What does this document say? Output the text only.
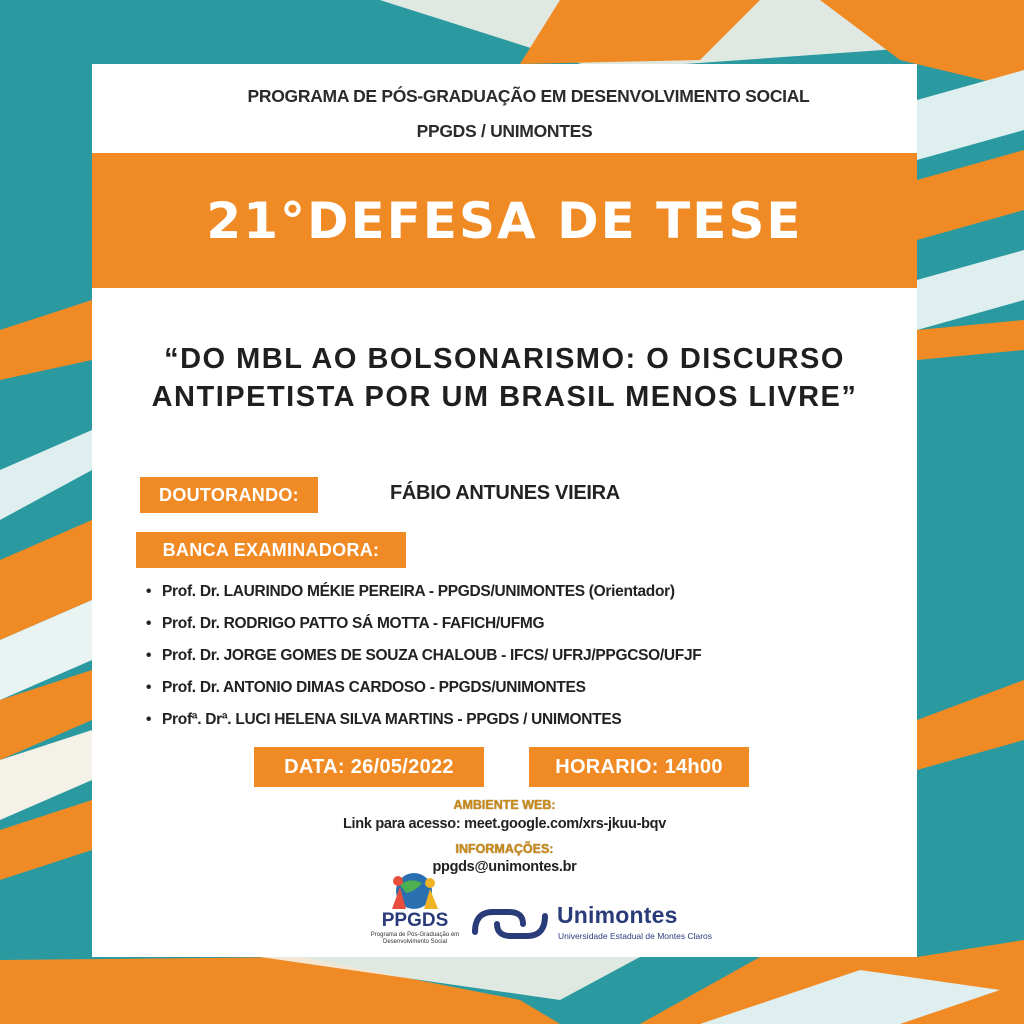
PROGRAMA DE PÓS-GRADUAÇÃO EM DESENVOLVIMENTO SOCIAL
PPGDS / UNIMONTES
21°DEFESA DE TESE
“DO MBL AO BOLSONARISMO: O DISCURSO ANTIPETISTA POR UM BRASIL MENOS LIVRE”
DOUTORANDO:	FÁBIO ANTUNES VIEIRA
BANCA EXAMINADORA:
• Prof. Dr. LAURINDO MÉKIE PEREIRA - PPGDS/UNIMONTES (Orientador)
• Prof. Dr. RODRIGO PATTO SÁ MOTTA - FAFICH/UFMG
• Prof. Dr. JORGE GOMES DE SOUZA CHALOUB - IFCS/ UFRJ/PPGCSO/UFJF
• Prof. Dr. ANTONIO DIMAS CARDOSO - PPGDS/UNIMONTES
• Profª. Drª. LUCI HELENA SILVA MARTINS - PPGDS / UNIMONTES
DATA: 26/05/2022	HORARIO: 14h00
AMBIENTE WEB:
Link para acesso: meet.google.com/xrs-jkuu-bqv
INFORMAÇÕES:
ppgds@unimontes.br
PPGDS
Programa de Pós-Graduação em Desenvolvimento Social
Unimontes
Universidade Estadual de Montes Claros
